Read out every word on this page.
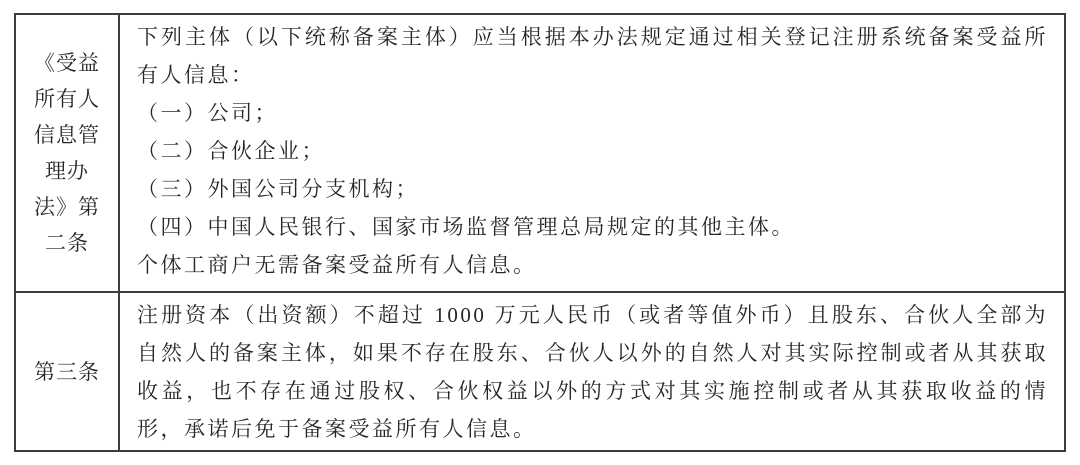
《受益
所有人
信息管
理办
法》第
二条

下列主体（以下统称备案主体）应当根据本办法规定通过相关登记注册系统备案受益所有人信息：

（一）公司；

（二）合伙企业；

（三）外国公司分支机构；

（四）中国人民银行、国家市场监督管理总局规定的其他主体。

个体工商户无需备案受益所有人信息。

第三条

注册资本（出资额）不超过 1000 万元人民币（或者等值外币）且股东、合伙人全部为自然人的备案主体，如果不存在股东、合伙人以外的自然人对其实际控制或者从其获取收益，也不存在通过股权、合伙权益以外的方式对其实施控制或者从其获取收益的情形，承诺后免于备案受益所有人信息。
